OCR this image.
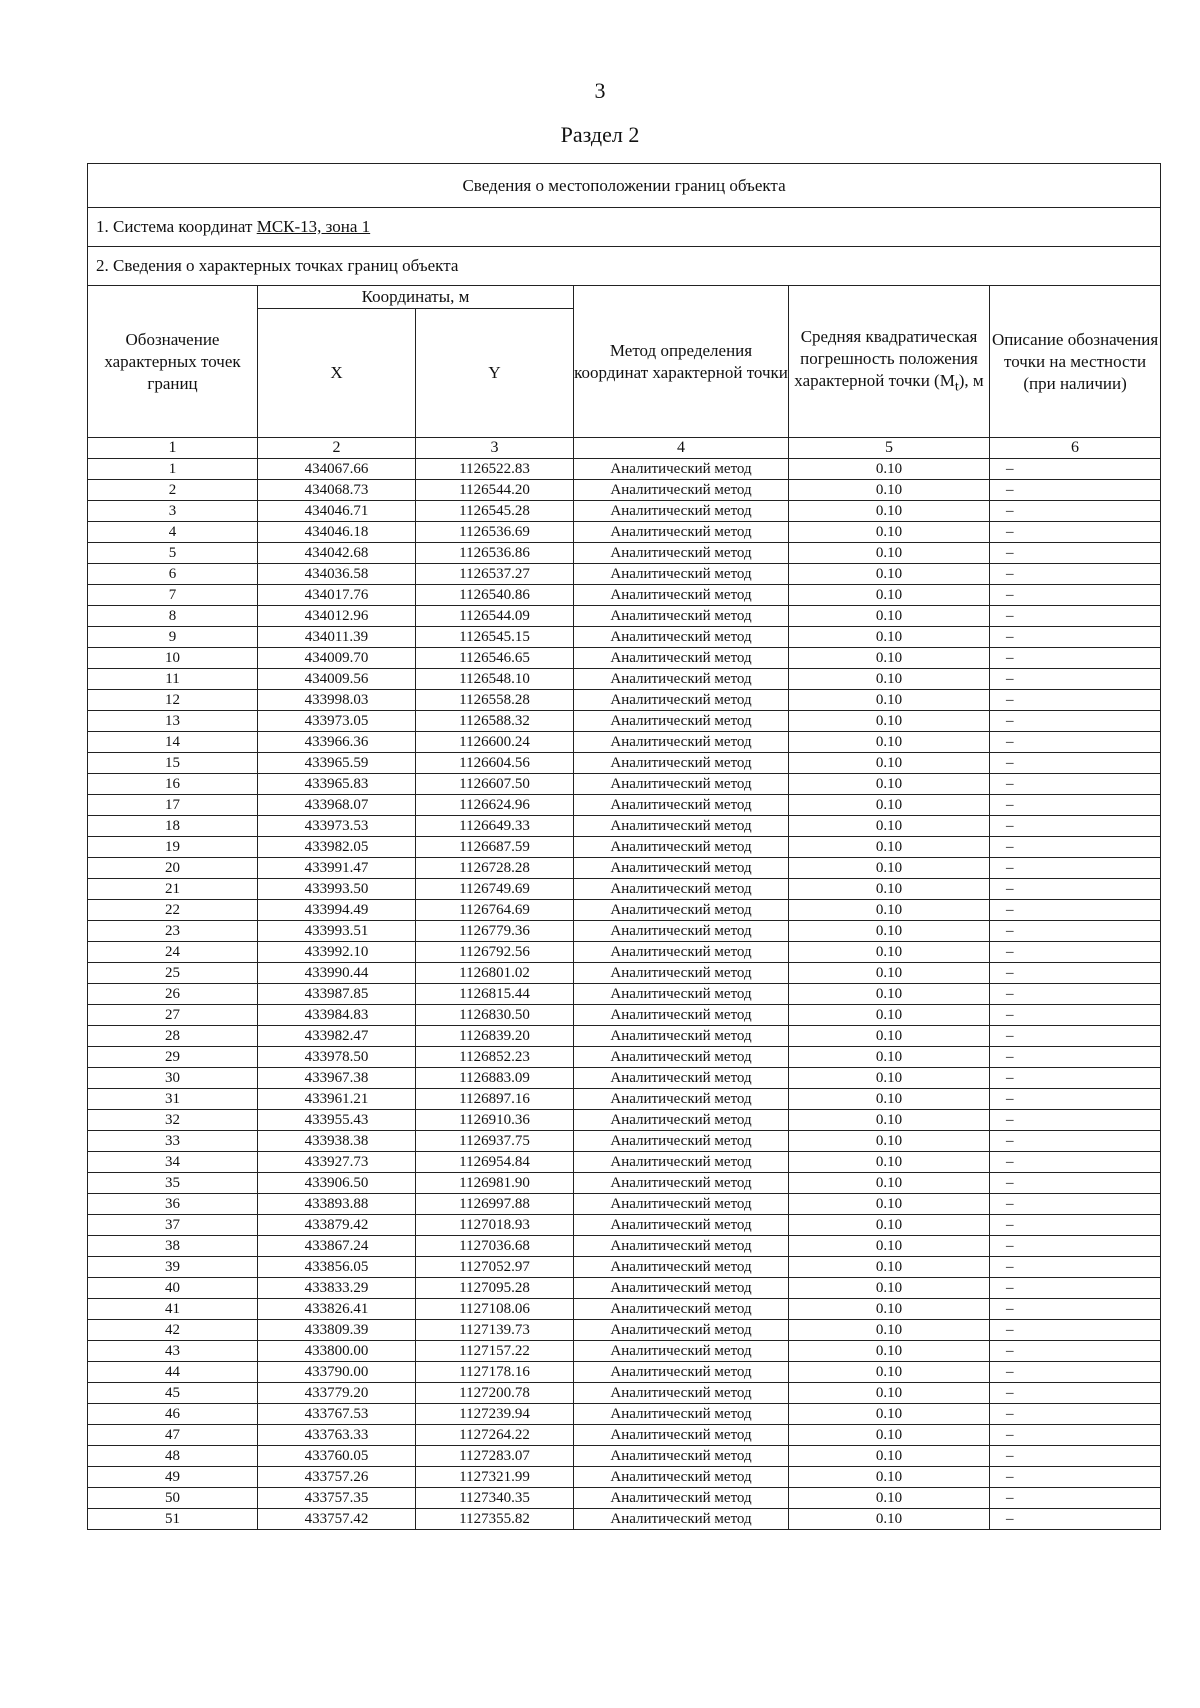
3
Раздел 2
Сведения о местоположении границ объекта					
1. Система координат МСК-13, зона 1					
2. Сведения о характерных точках границ объекта					
Обозначение характерных точек границ	Координаты, м		Метод определения координат характерной точки	Средняя квадратическая погрешность положения характерной точки $(M_t)$, м	Описание обозначения точки на местности (при наличии)
	X	Y			
1	2	3	4	5	6
1	434067.66	1126522.83	Аналитический метод	0.10	–
2	434068.73	1126544.20	Аналитический метод	0.10	–
3	434046.71	1126545.28	Аналитический метод	0.10	–
4	434046.18	1126536.69	Аналитический метод	0.10	–
5	434042.68	1126536.86	Аналитический метод	0.10	–
6	434036.58	1126537.27	Аналитический метод	0.10	–
7	434017.76	1126540.86	Аналитический метод	0.10	–
8	434012.96	1126544.09	Аналитический метод	0.10	–
9	434011.39	1126545.15	Аналитический метод	0.10	–
10	434009.70	1126546.65	Аналитический метод	0.10	–
11	434009.56	1126548.10	Аналитический метод	0.10	–
12	433998.03	1126558.28	Аналитический метод	0.10	–
13	433973.05	1126588.32	Аналитический метод	0.10	–
14	433966.36	1126600.24	Аналитический метод	0.10	–
15	433965.59	1126604.56	Аналитический метод	0.10	–
16	433965.83	1126607.50	Аналитический метод	0.10	–
17	433968.07	1126624.96	Аналитический метод	0.10	–
18	433973.53	1126649.33	Аналитический метод	0.10	–
19	433982.05	1126687.59	Аналитический метод	0.10	–
20	433991.47	1126728.28	Аналитический метод	0.10	–
21	433993.50	1126749.69	Аналитический метод	0.10	–
22	433994.49	1126764.69	Аналитический метод	0.10	–
23	433993.51	1126779.36	Аналитический метод	0.10	–
24	433992.10	1126792.56	Аналитический метод	0.10	–
25	433990.44	1126801.02	Аналитический метод	0.10	–
26	433987.85	1126815.44	Аналитический метод	0.10	–
27	433984.83	1126830.50	Аналитический метод	0.10	–
28	433982.47	1126839.20	Аналитический метод	0.10	–
29	433978.50	1126852.23	Аналитический метод	0.10	–
30	433967.38	1126883.09	Аналитический метод	0.10	–
31	433961.21	1126897.16	Аналитический метод	0.10	–
32	433955.43	1126910.36	Аналитический метод	0.10	–
33	433938.38	1126937.75	Аналитический метод	0.10	–
34	433927.73	1126954.84	Аналитический метод	0.10	–
35	433906.50	1126981.90	Аналитический метод	0.10	–
36	433893.88	1126997.88	Аналитический метод	0.10	–
37	433879.42	1127018.93	Аналитический метод	0.10	–
38	433867.24	1127036.68	Аналитический метод	0.10	–
39	433856.05	1127052.97	Аналитический метод	0.10	–
40	433833.29	1127095.28	Аналитический метод	0.10	–
41	433826.41	1127108.06	Аналитический метод	0.10	–
42	433809.39	1127139.73	Аналитический метод	0.10	–
43	433800.00	1127157.22	Аналитический метод	0.10	–
44	433790.00	1127178.16	Аналитический метод	0.10	–
45	433779.20	1127200.78	Аналитический метод	0.10	–
46	433767.53	1127239.94	Аналитический метод	0.10	–
47	433763.33	1127264.22	Аналитический метод	0.10	–
48	433760.05	1127283.07	Аналитический метод	0.10	–
49	433757.26	1127321.99	Аналитический метод	0.10	–
50	433757.35	1127340.35	Аналитический метод	0.10	–
51	433757.42	1127355.82	Аналитический метод	0.10	–
